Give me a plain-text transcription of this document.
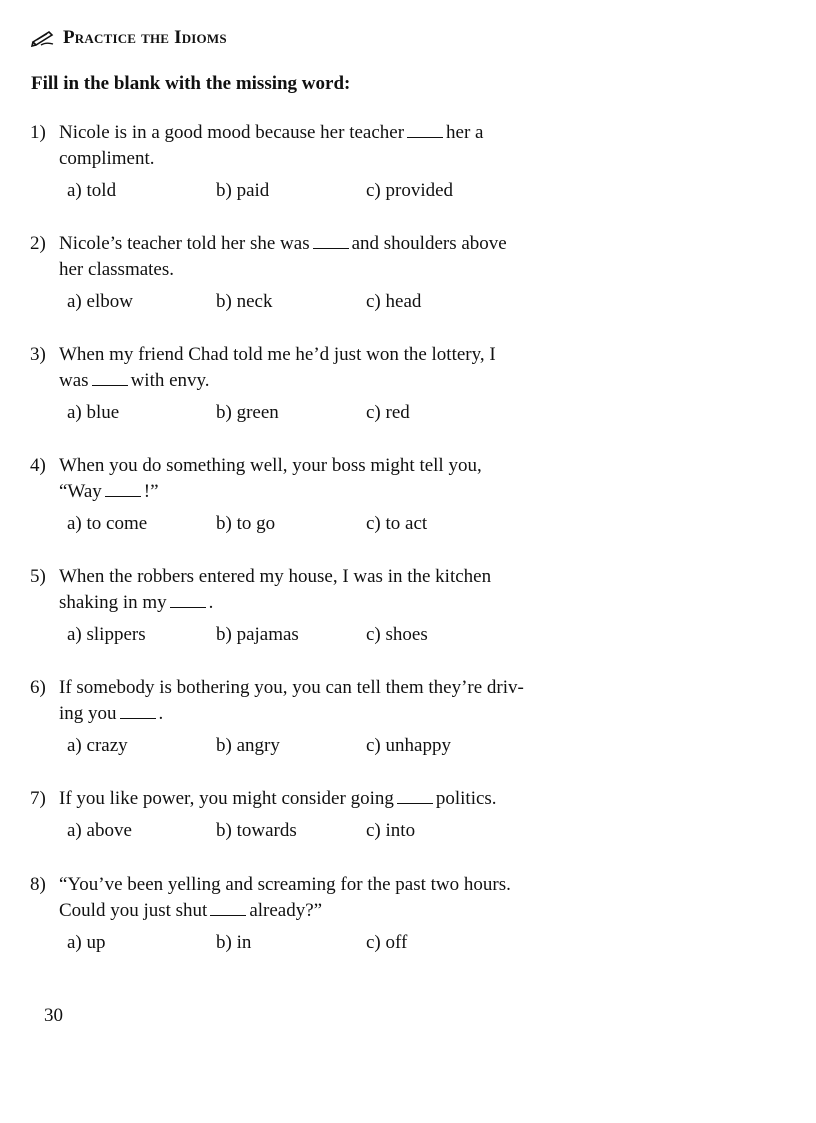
Practice the Idioms
Fill in the blank with the missing word:
1) Nicole is in a good mood because her teacher her a
compliment.
a) told	b) paid	c) provided
2) Nicole’s teacher told her she was and shoulders above
her classmates.
a) elbow	b) neck	c) head
3) When my friend Chad told me he’d just won the lottery, I
was with envy.
a) blue	b) green	c) red
4) When you do something well, your boss might tell you,
“Way !”
a) to come	b) to go	c) to act
5) When the robbers entered my house, I was in the kitchen
shaking in my .
a) slippers	b) pajamas	c) shoes
6) If somebody is bothering you, you can tell them they’re driv-
ing you .
a) crazy	b) angry	c) unhappy
7) If you like power, you might consider going politics.
a) above	b) towards	c) into
8) “You’ve been yelling and screaming for the past two hours.
Could you just shut already?”
a) up	b) in	c) off
30
